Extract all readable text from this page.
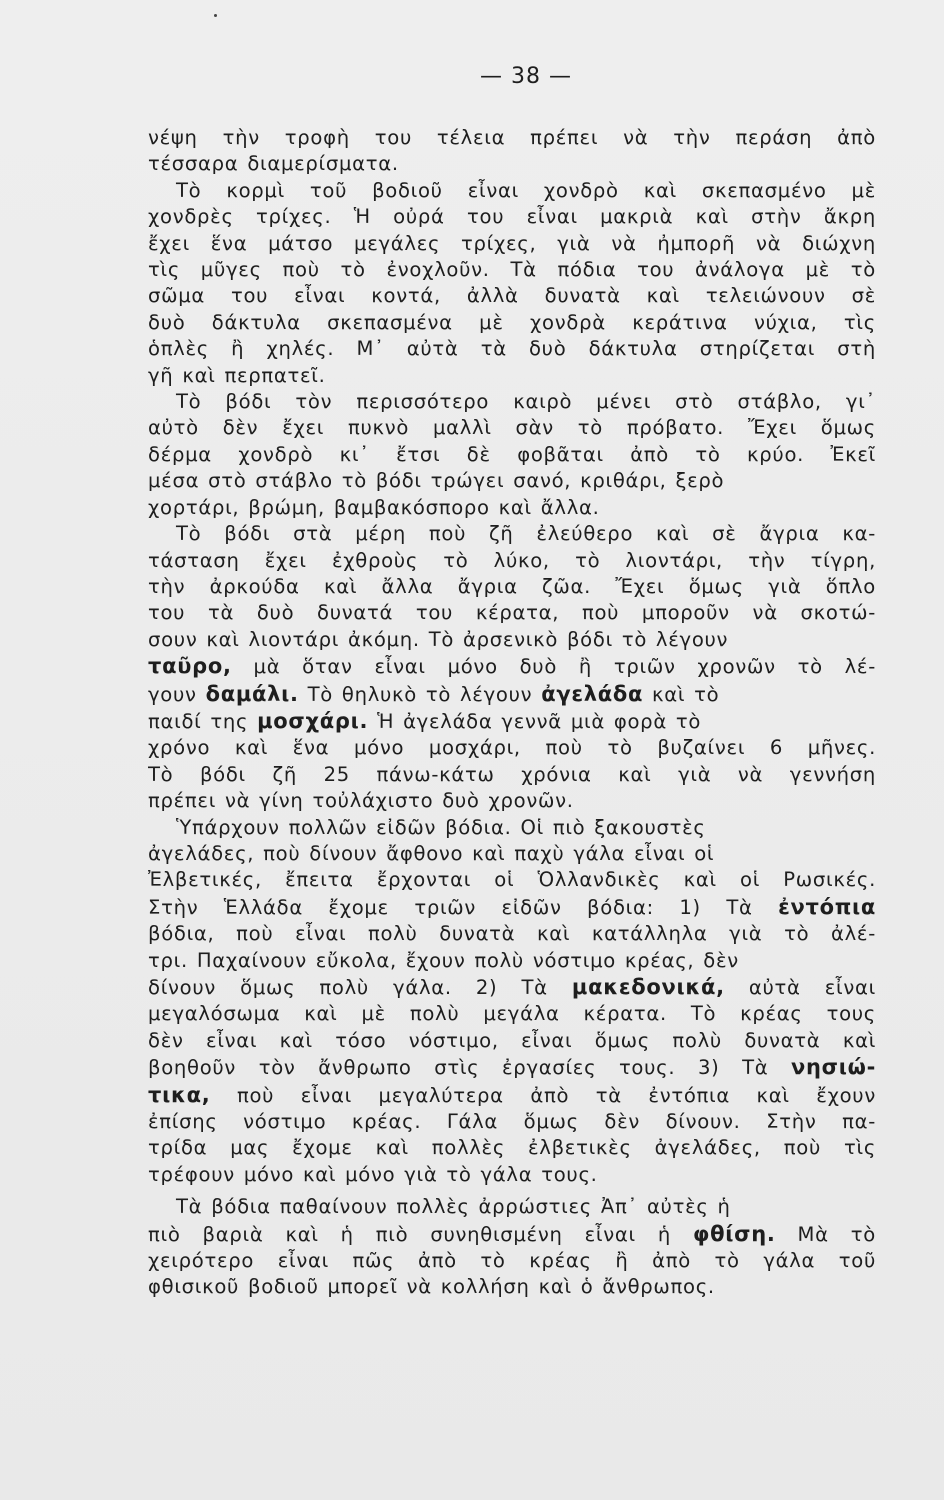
— 38 —
νέψη τὴν τροφὴ του τέλεια πρέπει νὰ τὴν περάση ἀπὸ
τέσσαρα διαμερίσματα.
Τὸ κορμὶ τοῦ βοδιοῦ εἶναι χονδρὸ καὶ σκεπασμένο μὲ
χονδρὲς τρίχες. Ἡ οὐρά του εἶναι μακριὰ καὶ στὴν ἄκρη
ἔχει ἕνα μάτσο μεγάλες τρίχες, γιὰ νὰ ἠμπορῆ νὰ διώχνη
τὶς μῦγες ποὺ τὸ ἐνοχλοῦν. Τὰ πόδια του ἀνάλογα μὲ τὸ
σῶμα του εἶναι κοντά, ἀλλὰ δυνατὰ καὶ τελειώνουν σὲ
δυὸ δάκτυλα σκεπασμένα μὲ χονδρὰ κεράτινα νύχια, τὶς
ὁπλὲς ἢ χηλές. Μ᾽ αὐτὰ τὰ δυὸ δάκτυλα στηρίζεται στὴ
γῆ καὶ περπατεῖ.
Τὸ βόδι τὸν περισσότερο καιρὸ μένει στὸ στάβλο, γι᾽
αὐτὸ δὲν ἔχει πυκνὸ μαλλὶ σὰν τὸ πρόβατο. Ἔχει ὅμως
δέρμα χονδρὸ κι᾽ ἔτσι δὲ φοβᾶται ἀπὸ τὸ κρύο. Ἐκεῖ
μέσα στὸ στάβλο τὸ βόδι τρώγει σανό, κριθάρι, ξερὸ
χορτάρι, βρώμη, βαμβακόσπορο καὶ ἄλλα.
Τὸ βόδι στὰ μέρη ποὺ ζῆ ἐλεύθερο καὶ σὲ ἄγρια κα-
τάσταση ἔχει ἐχθροὺς τὸ λύκο, τὸ λιοντάρι, τὴν τίγρη,
τὴν ἀρκούδα καὶ ἄλλα ἄγρια ζῶα. Ἔχει ὅμως γιὰ ὅπλο
του τὰ δυὸ δυνατά του κέρατα, ποὺ μποροῦν νὰ σκοτώ-
σουν καὶ λιοντάρι ἀκόμη. Τὸ ἀρσενικὸ βόδι τὸ λέγουν
ταῦρο, μὰ ὅταν εἶναι μόνο δυὸ ἢ τριῶν χρονῶν τὸ λέ-
γουν δαμάλι. Τὸ θηλυκὸ τὸ λέγουν ἀγελάδα καὶ τὸ
παιδί της μοσχάρι. Ἡ ἀγελάδα γεννᾶ μιὰ φορὰ τὸ
χρόνο καὶ ἕνα μόνο μοσχάρι, ποὺ τὸ βυζαίνει 6 μῆνες.
Τὸ βόδι ζῆ 25 πάνω-κάτω χρόνια καὶ γιὰ νὰ γεννήση
πρέπει νὰ γίνη τοὐλάχιστο δυὸ χρονῶν.
Ὑπάρχουν πολλῶν εἰδῶν βόδια. Οἱ πιὸ ξακουστὲς
ἀγελάδες, ποὺ δίνουν ἄφθονο καὶ παχὺ γάλα εἶναι οἱ
Ἐλβετικές, ἔπειτα ἔρχονται οἱ Ὁλλανδικὲς καὶ οἱ Ρωσικές.
Στὴν Ἑλλάδα ἔχομε τριῶν εἰδῶν βόδια: 1) Τὰ ἐντόπια
βόδια, ποὺ εἶναι πολὺ δυνατὰ καὶ κατάλληλα γιὰ τὸ ἀλέ-
τρι. Παχαίνουν εὔκολα, ἔχουν πολὺ νόστιμο κρέας, δὲν
δίνουν ὅμως πολὺ γάλα. 2) Τὰ μακεδονικά, αὐτὰ εἶναι
μεγαλόσωμα καὶ μὲ πολὺ μεγάλα κέρατα. Τὸ κρέας τους
δὲν εἶναι καὶ τόσο νόστιμο, εἶναι ὅμως πολὺ δυνατὰ καὶ
βοηθοῦν τὸν ἄνθρωπο στὶς ἐργασίες τους. 3) Τὰ νησιώ-
τικα, ποὺ εἶναι μεγαλύτερα ἀπὸ τὰ ἐντόπια καὶ ἔχουν
ἐπίσης νόστιμο κρέας. Γάλα ὅμως δὲν δίνουν. Στὴν πα-
τρίδα μας ἔχομε καὶ πολλὲς ἐλβετικὲς ἀγελάδες, ποὺ τὶς
τρέφουν μόνο καὶ μόνο γιὰ τὸ γάλα τους.
Τὰ βόδια παθαίνουν πολλὲς ἀρρώστιες Ἀπ᾽ αὐτὲς ἡ
πιὸ βαριὰ καὶ ἡ πιὸ συνηθισμένη εἶναι ἡ φθίση. Μὰ τὸ
χειρότερο εἶναι πῶς ἀπὸ τὸ κρέας ἢ ἀπὸ τὸ γάλα τοῦ
φθισικοῦ βοδιοῦ μπορεῖ νὰ κολλήση καὶ ὁ ἄνθρωπος.
